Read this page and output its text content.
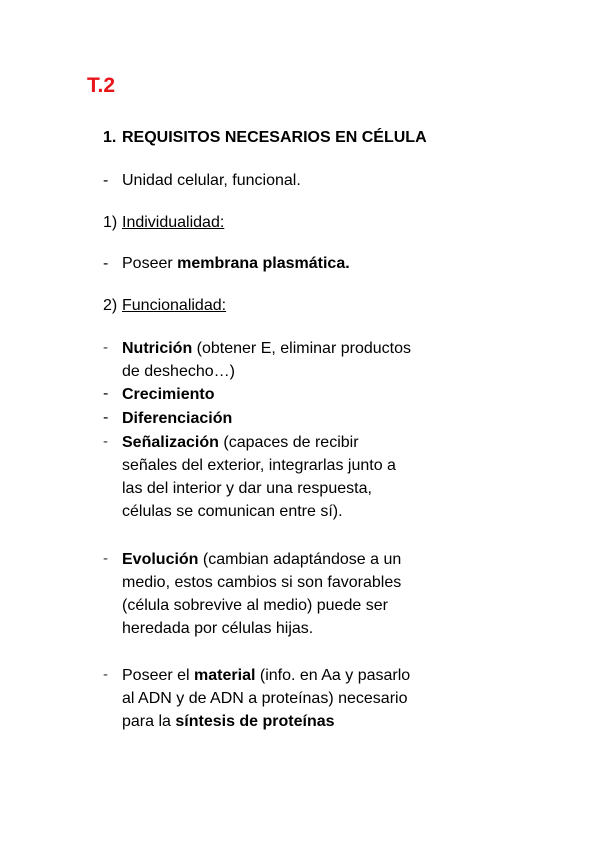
T.2
1. REQUISITOS NECESARIOS EN CÉLULA
- Unidad celular, funcional.

1) Individualidad:

- Poseer membrana plasmática.

2) Funcionalidad:

- Nutrición (obtener E, eliminar productos de deshecho…)

- Crecimiento

- Diferenciación

- Señalización (capaces de recibir señales del exterior, integrarlas junto a las del interior y dar una respuesta, células se comunican entre sí).

- Evolución (cambian adaptándose a un medio, estos cambios si son favorables (célula sobrevive al medio) puede ser heredada por células hijas.

- Poseer el material (info. en Aa y pasarlo al ADN y de ADN a proteínas) necesario para la síntesis de proteínas
